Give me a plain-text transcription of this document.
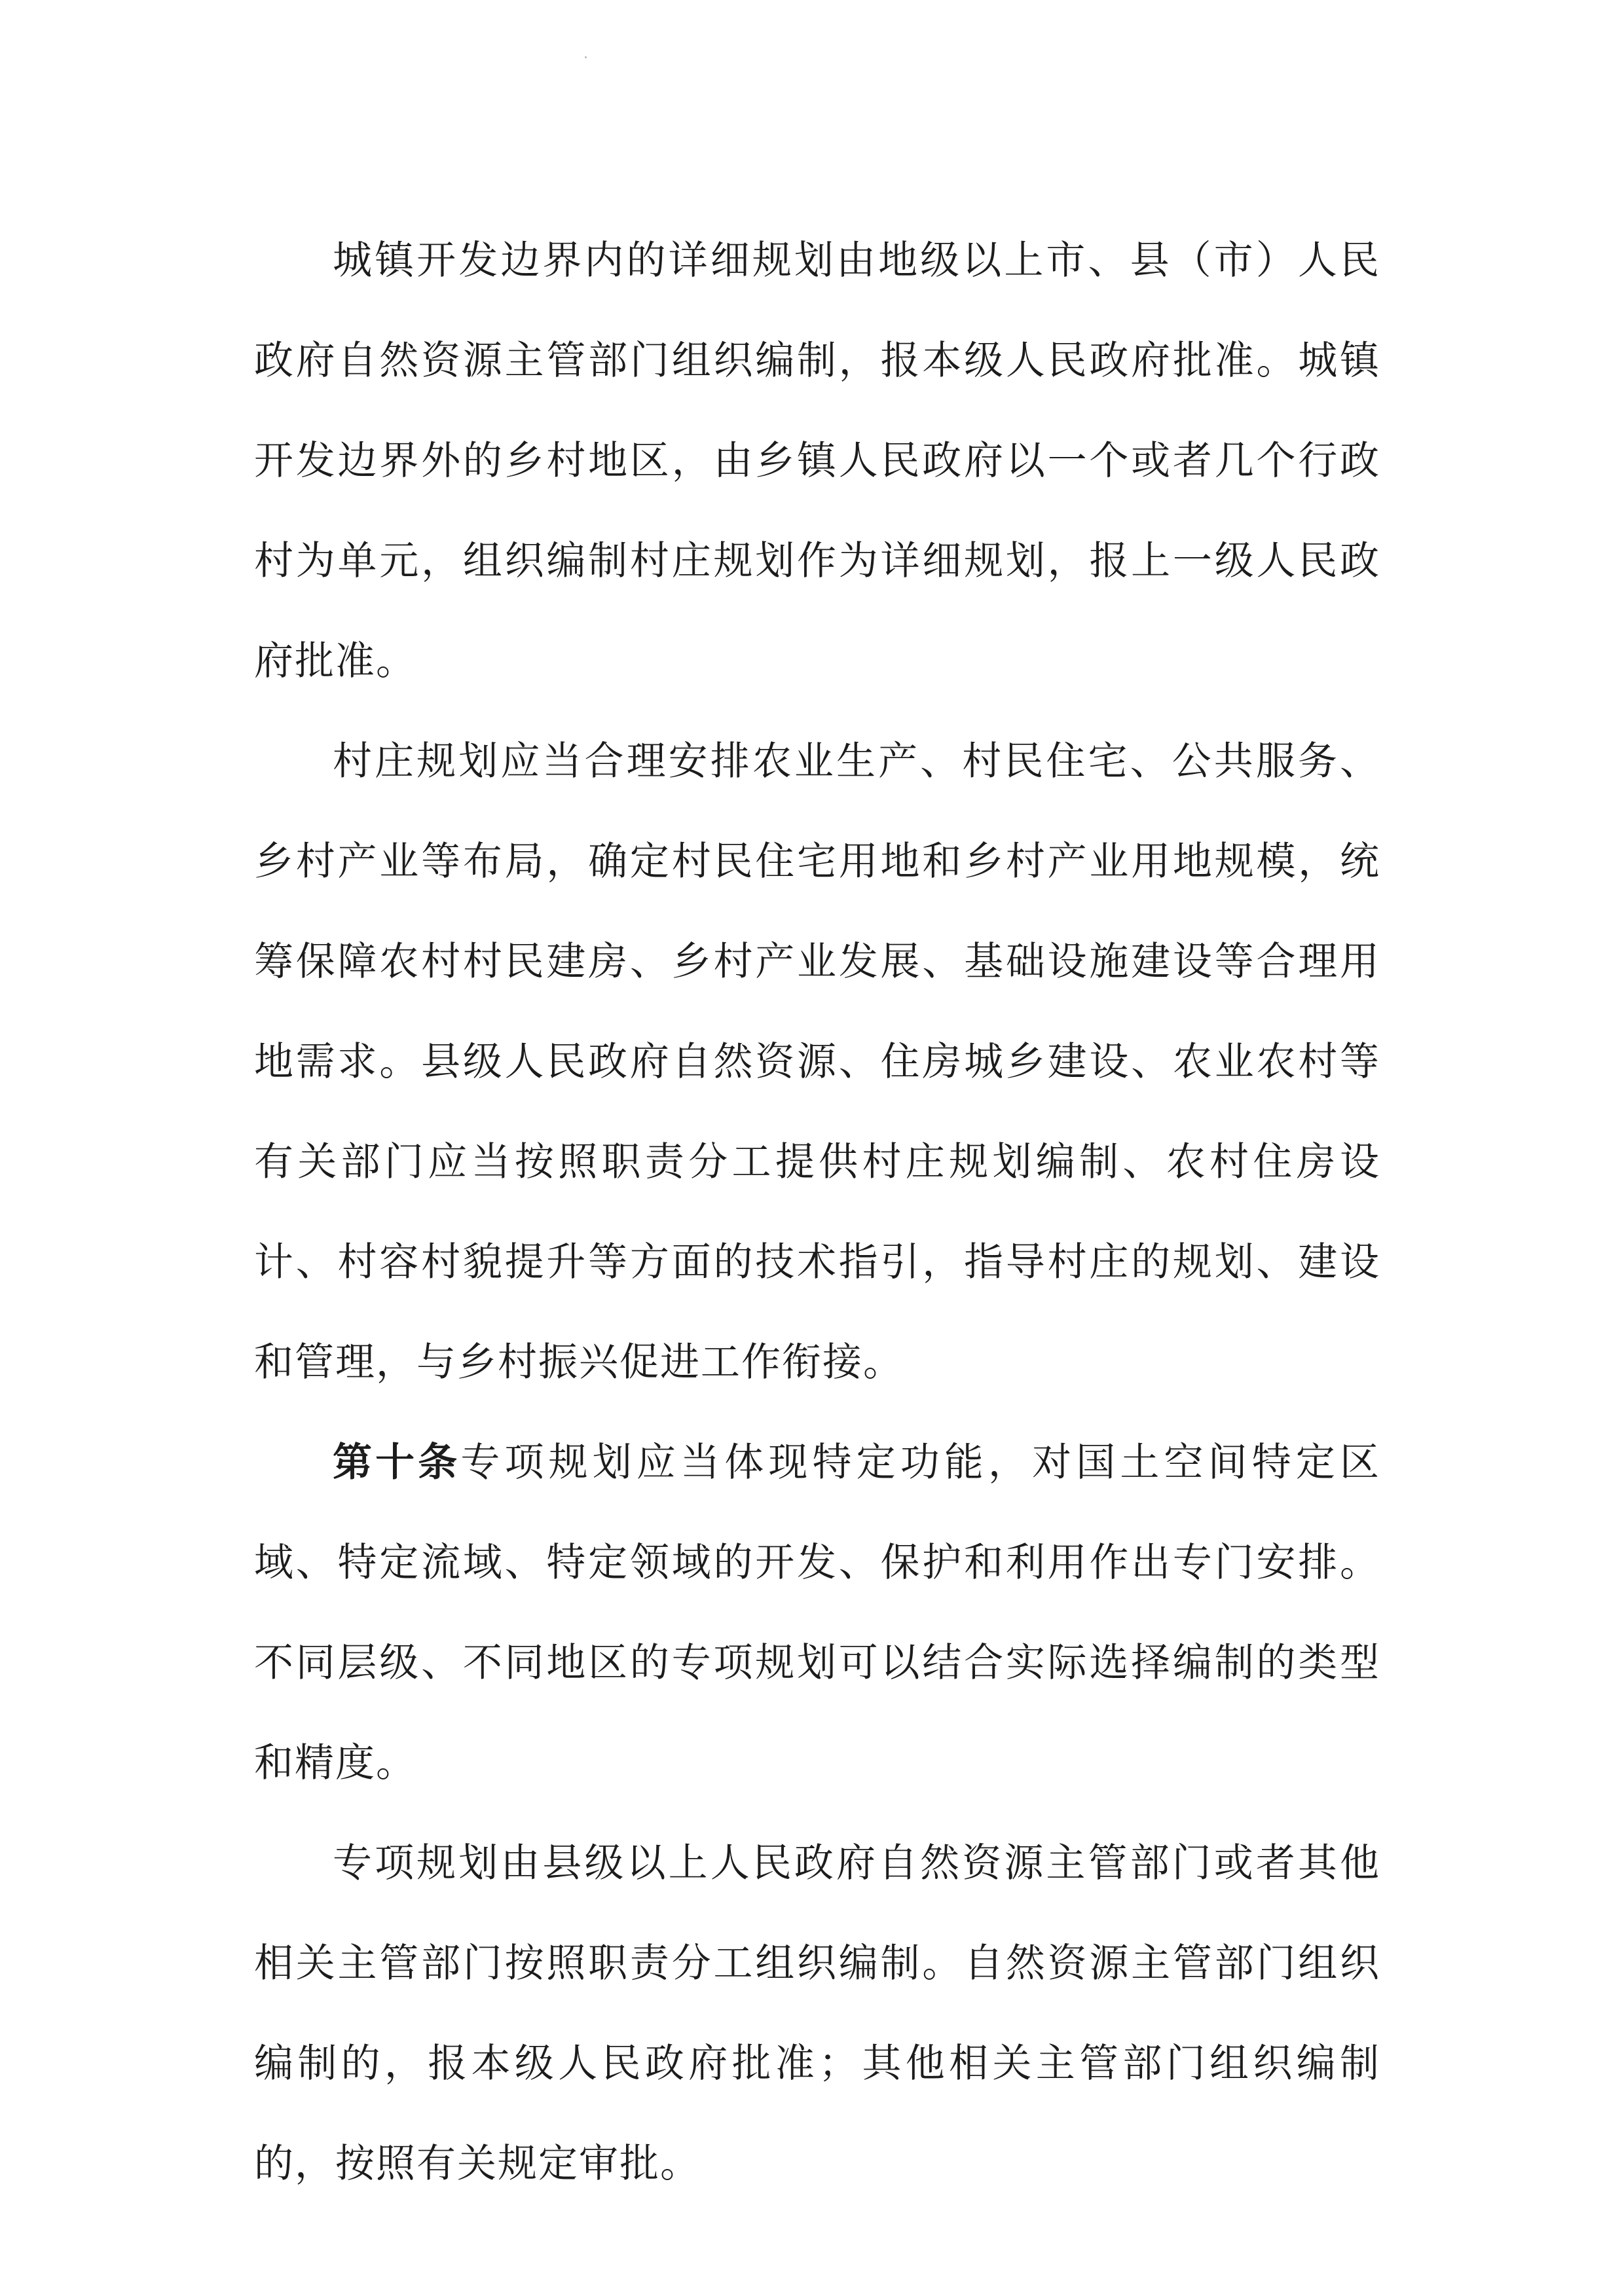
城镇开发边界内的详细规划由地级以上市、县（市）人民政府自然资源主管部门组织编制，报本级人民政府批准。城镇开发边界外的乡村地区，由乡镇人民政府以一个或者几个行政村为单元，组织编制村庄规划作为详细规划，报上一级人民政府批准。

村庄规划应当合理安排农业生产、村民住宅、公共服务、乡村产业等布局，确定村民住宅用地和乡村产业用地规模，统筹保障农村村民建房、乡村产业发展、基础设施建设等合理用地需求。县级人民政府自然资源、住房城乡建设、农业农村等有关部门应当按照职责分工提供村庄规划编制、农村住房设计、村容村貌提升等方面的技术指引，指导村庄的规划、建设和管理，与乡村振兴促进工作衔接。

第十条专项规划应当体现特定功能，对国土空间特定区域、特定流域、特定领域的开发、保护和利用作出专门安排。不同层级、不同地区的专项规划可以结合实际选择编制的类型和精度。

专项规划由县级以上人民政府自然资源主管部门或者其他相关主管部门按照职责分工组织编制。自然资源主管部门组织编制的，报本级人民政府批准；其他相关主管部门组织编制的，按照有关规定审批。
